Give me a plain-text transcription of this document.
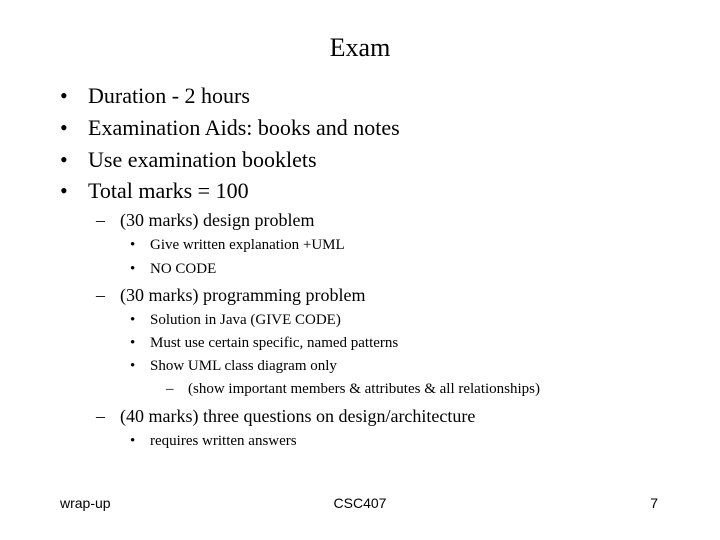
Exam
• Duration - 2 hours
• Examination Aids: books and notes
• Use examination booklets
• Total marks = 100
– (30 marks) design problem
• Give written explanation +UML
• NO CODE
– (30 marks) programming problem
• Solution in Java (GIVE CODE)
• Must use certain specific, named patterns
• Show UML class diagram only
– (show important members & attributes & all relationships)
– (40 marks) three questions on design/architecture
• requires written answers
wrap-up	CSC407	7
